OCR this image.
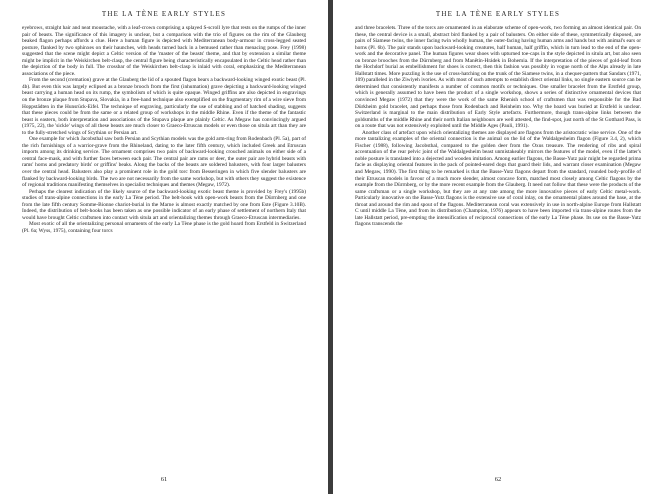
THE LA TÈNE EARLY STYLES

eyebrows, straight hair and neat moustache, with a leaf-crown comprising a splayed S-scroll lyre that rests on the rumps of the inner pair of beasts. The significance of this imagery is unclear, but a comparison with the trio of figures on the rim of the Glauberg beaked flagon perhaps affords a clue. Here a human figure is depicted with Mediterranean body-armour in cross-legged seated posture, flanked by two sphinxes on their haunches, with heads turned back in a bemused rather than menacing pose. Frey (1998) suggested that the scene might depict a Celtic version of the 'master of the beasts' theme, and that by extension a similar theme might be implicit in the Weiskirchen belt-clasp, the central figure being characteristically encapsulated in the Celtic head rather than the depiction of the body in full. The crossbar of the Weiskirchen belt-clasp is inlaid with coral, emphasizing the Mediterranean associations of the piece.

From the second (cremation) grave at the Glauberg the lid of a spouted flagon bears a backward-looking winged exotic beast (Pl. 4b). But even this was largely eclipsed as a bronze brooch from the first (inhumation) grave depicting a backward-looking winged beast carrying a human head on its rump, the symbolism of which is quite opaque. Winged griffins are also depicted in engravings on the bronze plaque from Stupava, Slovakia, in a free-hand technique also exemplified on the fragmentary rim of a wire sieve from Hoppstädten in the Hunsrück-Eifel. The technique of engraving, particularly the use of stabbing and of hatched shading, suggests that these pieces could be from the same or a related group of workshops in the middle Rhine. Even if the theme of the fantastic beast is eastern, both interpretation and associations of the Stupava plaque are plainly Celtic. As Megaw has convincingly argued (1975, 22), the 'sickle' wings of all these beasts are much closer to Graeco-Etruscan models or even those on situla art than they are to the fully-stretched wings of Scythian or Persian art.

One example for which Jacobsthal saw both Persian and Scythian models was the gold arm-ring from Rodenbach (Pl. 5a), part of the rich furnishings of a warrior-grave from the Rhineland, dating to the later fifth century, which included Greek and Etruscan imports among its drinking service. The ornament comprises two pairs of backward-looking crouched animals on either side of a central face-mask, and with further faces between each pair. The central pair are rams or deer, the outer pair are hybrid beasts with rams' horns and predatory birds' or griffins' beaks. Along the backs of the beasts are soldered balusters, with four larger balusters over the central head. Balusters also play a prominent role in the gold torc from Besseringen in which five slender balusters are flanked by backward-looking birds. The two are not necessarily from the same workshop, but with others they suggest the existence of regional traditions manifesting themselves in specialist techniques and themes (Megaw, 1972).

Perhaps the clearest indication of the likely source of the backward-looking exotic beast theme is provided by Frey's (1995b) studies of trans-alpine connections in the early La Tène period. The belt-hook with open-work beasts from the Dürrnberg and one from the late fifth century Somme-Bionne chariot-burial in the Marne is almost exactly matched by one from Este (Figure 3.10B). Indeed, the distribution of belt-hooks has been taken as one possible indicator of an early phase of settlement of northern Italy that would have brought Celtic craftsmen into contact with situla art and orientalizing themes through Graeco-Etruscan intermediaries.

Most exotic of all the orientalizing personal ornaments of the early La Tène phase is the gold hoard from Erstfeld in Switzerland (Pl. 6a; Wyss, 1975), containing four torcs

61
THE LA TÈNE EARLY STYLES

and three bracelets. Three of the torcs are ornamented in an elaborate scheme of open-work, two forming an almost identical pair. On these, the central device is a small, abstract bird flanked by a pair of balusters. On either side of these, symmetrically disposed, are pairs of Siamese twins, the inner facing twin wholly human, the outer-facing having human arms and hands but with animal's ears or horns (Pl. 6b). The pair stands upon backward-looking creatures, half human, half griffin, which in turn lead to the end of the open-work and the decorative panel. The human figures wear shoes with upturned toe-caps in the style depicted in situla art, but also seen on bronze brooches from the Dürrnberg and from Manětín-Hrádek in Bohemia. If the interpretation of the pieces of gold-leaf from the Hochdorf burial as embellishment for shoes is correct, then this fashion was possibly in vogue north of the Alps already in late Hallstatt times. More puzzling is the use of cross-hatching on the trunk of the Siamese twins, in a chequer-pattern that Sandars (1971, 109) paralleled in the Ziwiyeh ivories. As with most of such attempts to establish direct oriental links, no single eastern source can be determined that consistently manifests a number of common motifs or techniques. One smaller bracelet from the Erstfeld group, which is generally assumed to have been the product of a single workshop, shows a series of distinctive ornamental devices that convinced Megaw (1972) that they were the work of the same Rhenish school of craftsmen that was responsible for the Bad Dürkheim gold bracelet, and perhaps those from Rodenbach and Reinheim too. Why the hoard was buried at Erstfeld is unclear. Switzerland is marginal to the main distribution of Early Style artefacts. Furthermore, though trans-alpine links between the goldsmiths of the middle Rhine and their north Italian neighbours are well attested, the find-spot, just north of the St Gotthard Pass, is on a route that was not extensively exploited until the Middle Ages (Pauli, 1991).

Another class of artefact upon which orientalizing themes are displayed are flagons from the aristocratic wine service. One of the more tantalizing examples of the oriental connection is the animal on the lid of the Waldalgesheim flagon (Figure 3.4, 2), which Fischer (1988), following Jacobsthal, compared to the golden deer from the Oxus treasure. The rendering of ribs and spiral accentuation of the rear pelvic joint of the Waldalgesheim beast unmistakeably mirrors the features of the model, even if the latter's noble posture is translated into a dejected and wooden imitation. Among earlier flagons, the Basse-Yutz pair might be regarded prima facie as displaying oriental features in the pack of pointed-eared dogs that guard their lids, and warrant closer examination (Megaw and Megaw, 1990). The first thing to be remarked is that the Basse-Yutz flagons depart from the standard, rounded body-profile of their Etruscan models in favour of a much more slender, almost concave form, matched most closely among Celtic flagons by the example from the Dürrnberg, or by the more recent example from the Glauberg. It need not follow that these were the products of the same craftsman or a single workshop, but they are at any rate among the more innovative pieces of early Celtic metal-work. Particularly innovative on the Basse-Yutz flagons is the extensive use of coral inlay, on the ornamental plates around the base, at the throat and around the rim and spout of the flagons. Mediterranean coral was extensively in use in north-alpine Europe from Hallstatt C until middle La Tène, and from its distribution (Champion, 1976) appears to have been imported via trans-alpine routes from the late Hallstatt period, pre-empting the intensification of reciprocal connections of the early La Tène phase. Its use on the Basse-Yutz flagons transcends the

62
